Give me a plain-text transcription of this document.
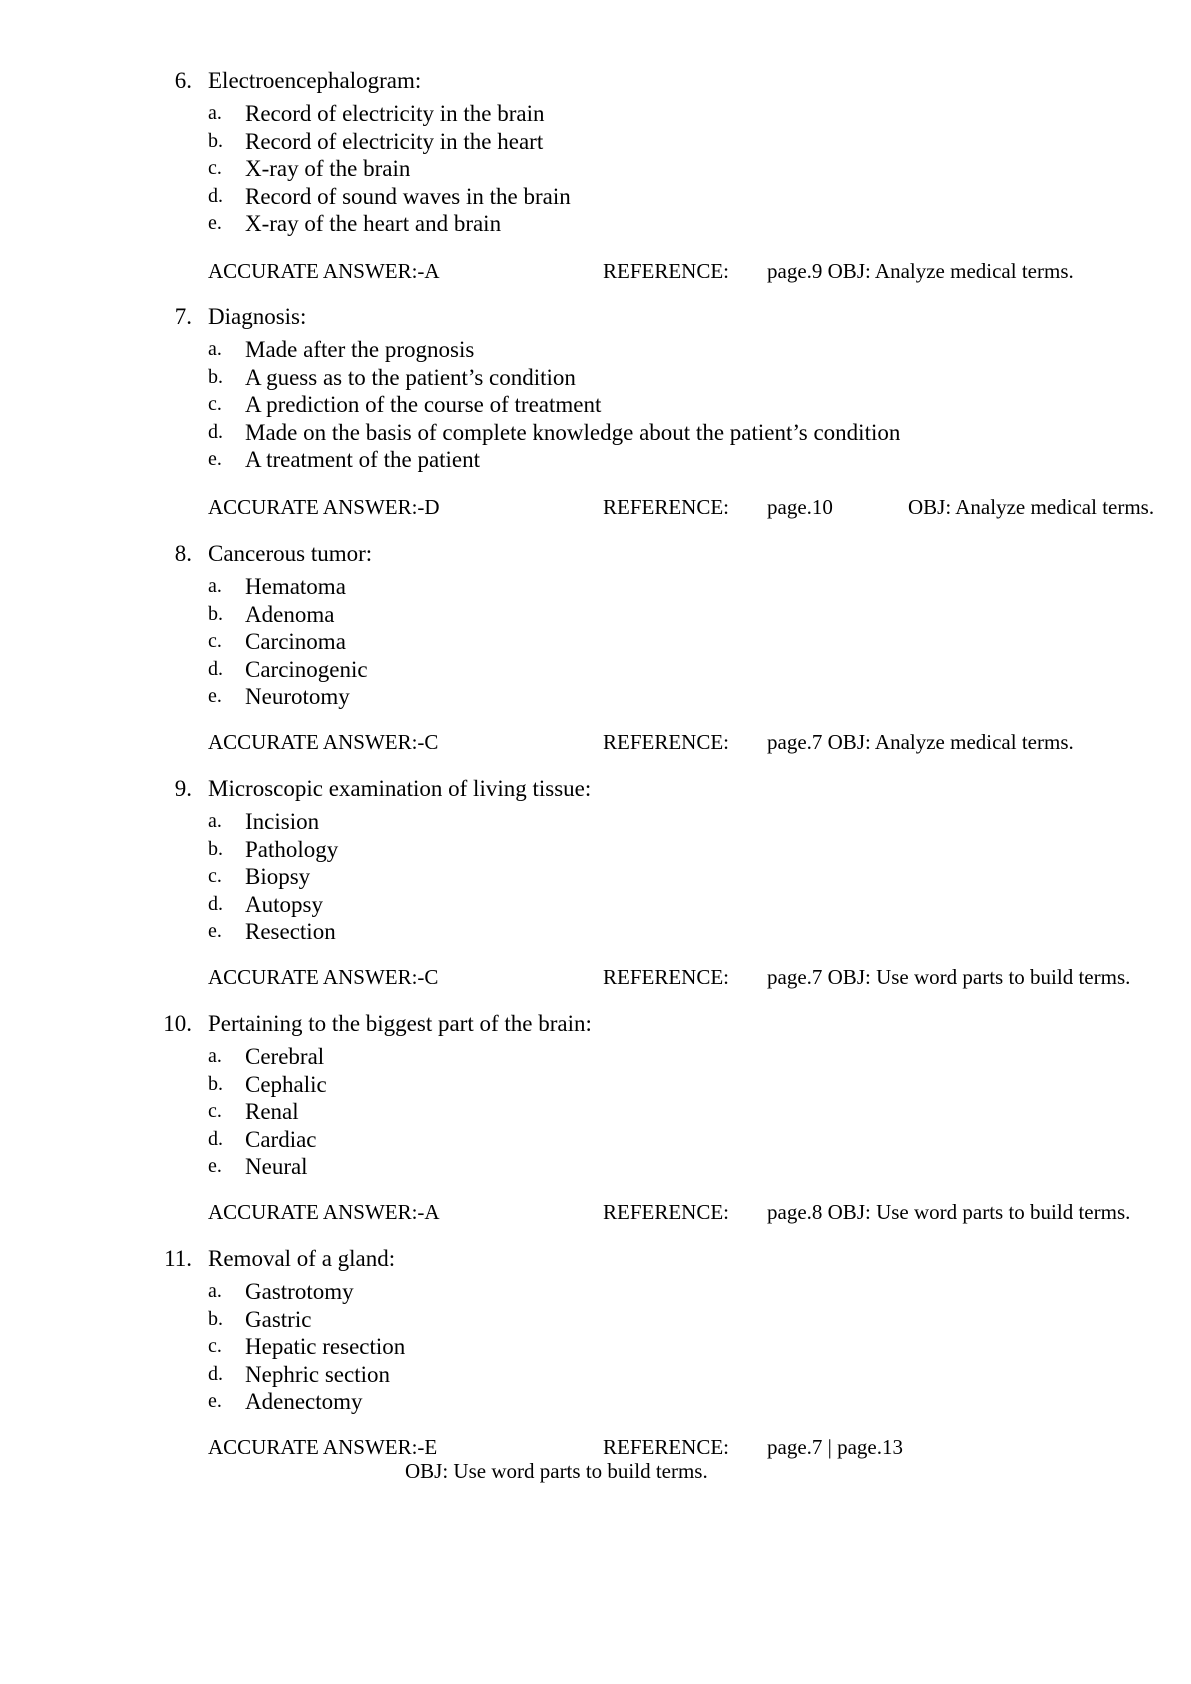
6. Electroencephalogram:
a. Record of electricity in the brain
b. Record of electricity in the heart
c. X-ray of the brain
d. Record of sound waves in the brain
e. X-ray of the heart and brain
ACCURATE ANSWER:-A	REFERENCE: page.9 OBJ: Analyze medical terms.
7. Diagnosis:
a. Made after the prognosis
b. A guess as to the patient’s condition
c. A prediction of the course of treatment
d. Made on the basis of complete knowledge about the patient’s condition
e. A treatment of the patient
ACCURATE ANSWER:-D	REFERENCE: page.10	OBJ: Analyze medical terms.
8. Cancerous tumor:
a. Hematoma
b. Adenoma
c. Carcinoma
d. Carcinogenic
e. Neurotomy
ACCURATE ANSWER:-C	REFERENCE: page.7 OBJ: Analyze medical terms.
9. Microscopic examination of living tissue:
a. Incision
b. Pathology
c. Biopsy
d. Autopsy
e. Resection
ACCURATE ANSWER:-C	REFERENCE: page.7 OBJ: Use word parts to build terms.
10. Pertaining to the biggest part of the brain:
a. Cerebral
b. Cephalic
c. Renal
d. Cardiac
e. Neural
ACCURATE ANSWER:-A	REFERENCE: page.8 OBJ: Use word parts to build terms.
11. Removal of a gland:
a. Gastrotomy
b. Gastric
c. Hepatic resection
d. Nephric section
e. Adenectomy
ACCURATE ANSWER:-E	REFERENCE: page.7 | page.13
OBJ: Use word parts to build terms.
